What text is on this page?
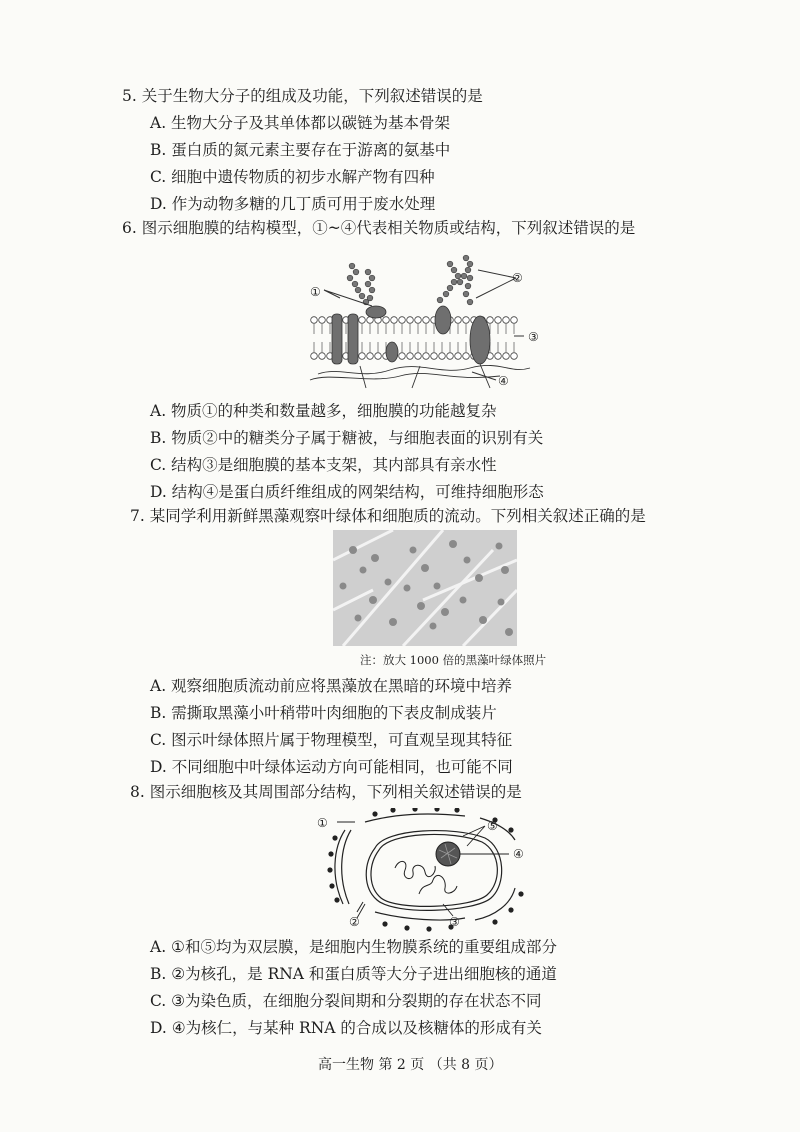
5. 关于生物大分子的组成及功能，下列叙述错误的是
A. 生物大分子及其单体都以碳链为基本骨架
B. 蛋白质的氮元素主要存在于游离的氨基中
C. 细胞中遗传物质的初步水解产物有四种
D. 作为动物多糖的几丁质可用于废水处理
6. 图示细胞膜的结构模型，①~④代表相关物质或结构，下列叙述错误的是
①
②
③
④
A. 物质①的种类和数量越多，细胞膜的功能越复杂
B. 物质②中的糖类分子属于糖被，与细胞表面的识别有关
C. 结构③是细胞膜的基本支架，其内部具有亲水性
D. 结构④是蛋白质纤维组成的网架结构，可维持细胞形态
7. 某同学利用新鲜黑藻观察叶绿体和细胞质的流动。下列相关叙述正确的是
注：放大 1000 倍的黑藻叶绿体照片
A. 观察细胞质流动前应将黑藻放在黑暗的环境中培养
B. 需撕取黑藻小叶稍带叶肉细胞的下表皮制成装片
C. 图示叶绿体照片属于物理模型，可直观呈现其特征
D. 不同细胞中叶绿体运动方向可能相同，也可能不同
8. 图示细胞核及其周围部分结构，下列相关叙述错误的是
①
②	③
④
⑤
A. ①和⑤均为双层膜，是细胞内生物膜系统的重要组成部分
B. ②为核孔，是 RNA 和蛋白质等大分子进出细胞核的通道
C. ③为染色质，在细胞分裂间期和分裂期的存在状态不同
D. ④为核仁，与某种 RNA 的合成以及核糖体的形成有关
高一生物 第 2 页 （共 8 页）
